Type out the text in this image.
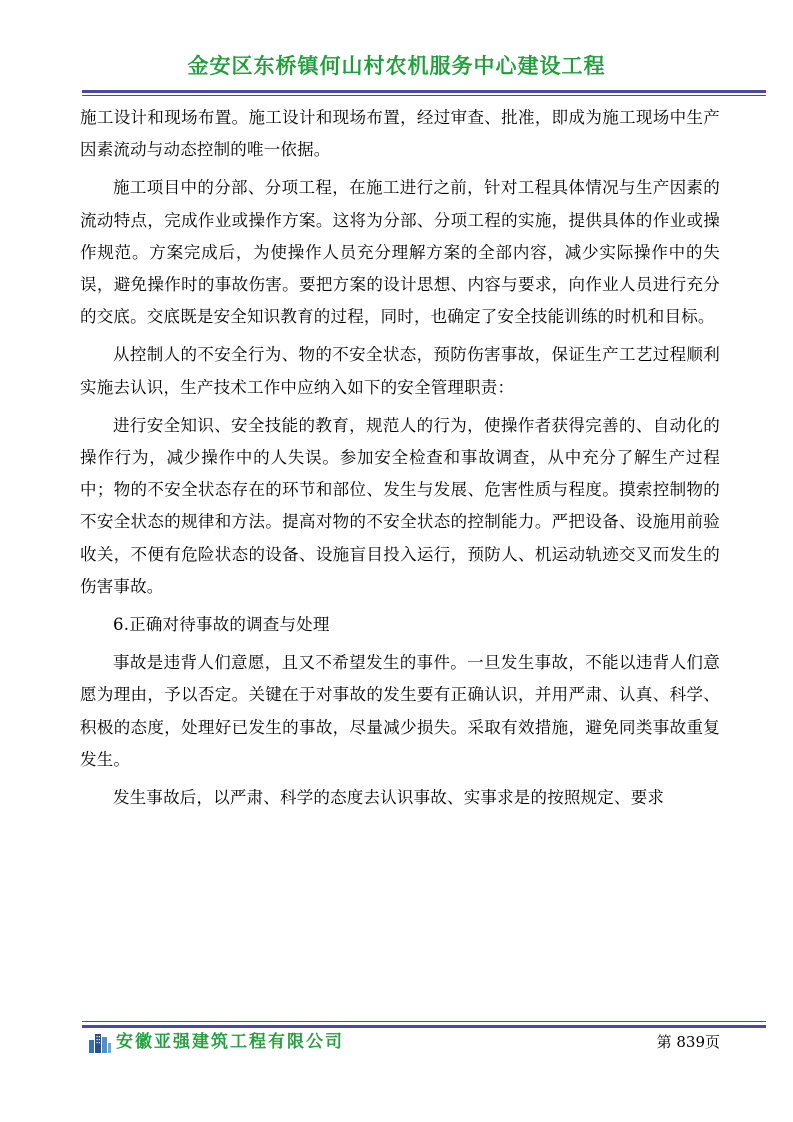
金安区东桥镇何山村农机服务中心建设工程

施工设计和现场布置。施工设计和现场布置，经过审查、批准，即成为施工现场中生产因素流动与动态控制的唯一依据。

施工项目中的分部、分项工程，在施工进行之前，针对工程具体情况与生产因素的流动特点，完成作业或操作方案。这将为分部、分项工程的实施，提供具体的作业或操作规范。方案完成后，为使操作人员充分理解方案的全部内容，减少实际操作中的失误，避免操作时的事故伤害。要把方案的设计思想、内容与要求，向作业人员进行充分的交底。交底既是安全知识教育的过程，同时，也确定了安全技能训练的时机和目标。

从控制人的不安全行为、物的不安全状态，预防伤害事故，保证生产工艺过程顺利实施去认识，生产技术工作中应纳入如下的安全管理职责：

进行安全知识、安全技能的教育，规范人的行为，使操作者获得完善的、自动化的操作行为，减少操作中的人失误。参加安全检查和事故调查，从中充分了解生产过程中；物的不安全状态存在的环节和部位、发生与发展、危害性质与程度。摸索控制物的不安全状态的规律和方法。提高对物的不安全状态的控制能力。严把设备、设施用前验收关，不便有危险状态的设备、设施盲目投入运行，预防人、机运动轨迹交叉而发生的伤害事故。

6.正确对待事故的调查与处理

事故是违背人们意愿，且又不希望发生的事件。一旦发生事故，不能以违背人们意愿为理由，予以否定。关键在于对事故的发生要有正确认识，并用严肃、认真、科学、积极的态度，处理好已发生的事故，尽量减少损失。采取有效措施，避免同类事故重复发生。

发生事故后，以严肃、科学的态度去认识事故、实事求是的按照规定、要求

安徽亚强建筑工程有限公司	第 839页
